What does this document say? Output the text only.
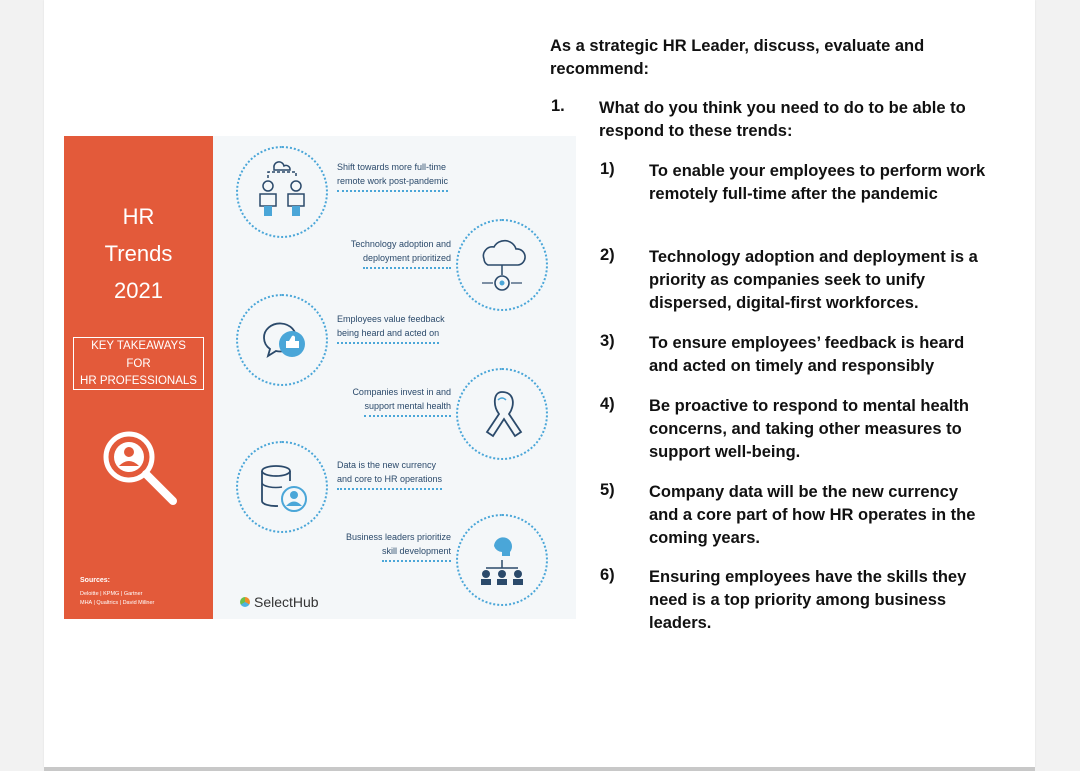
HR
Trends
2021
KEY TAKEAWAYS
FOR
HR PROFESSIONALS
Sources:
Deloitte | KPMG | Gartner
MHA | Qualtrics | David Millner
Shift towards more full-time
remote work post-pandemic
Technology adoption and
deployment prioritized
Employees value feedback
being heard and acted on
Companies invest in and
support mental health
Data is the new currency
and core to HR operations
Business leaders prioritize
skill development
SelectHub
As a strategic HR Leader, discuss, evaluate and recommend:
1. What do you think you need to do to be able to respond to these trends:
1) To enable your employees to perform work remotely full-time after the pandemic
2) Technology adoption and deployment is a priority as companies seek to unify dispersed, digital-first workforces.
3) To ensure employees’ feedback is heard and acted on timely and responsibly
4) Be proactive to respond to mental health concerns, and taking other measures to support well-being.
5) Company data will be the new currency and a core part of how HR operates in the coming years.
6) Ensuring employees have the skills they need is a top priority among business leaders.
